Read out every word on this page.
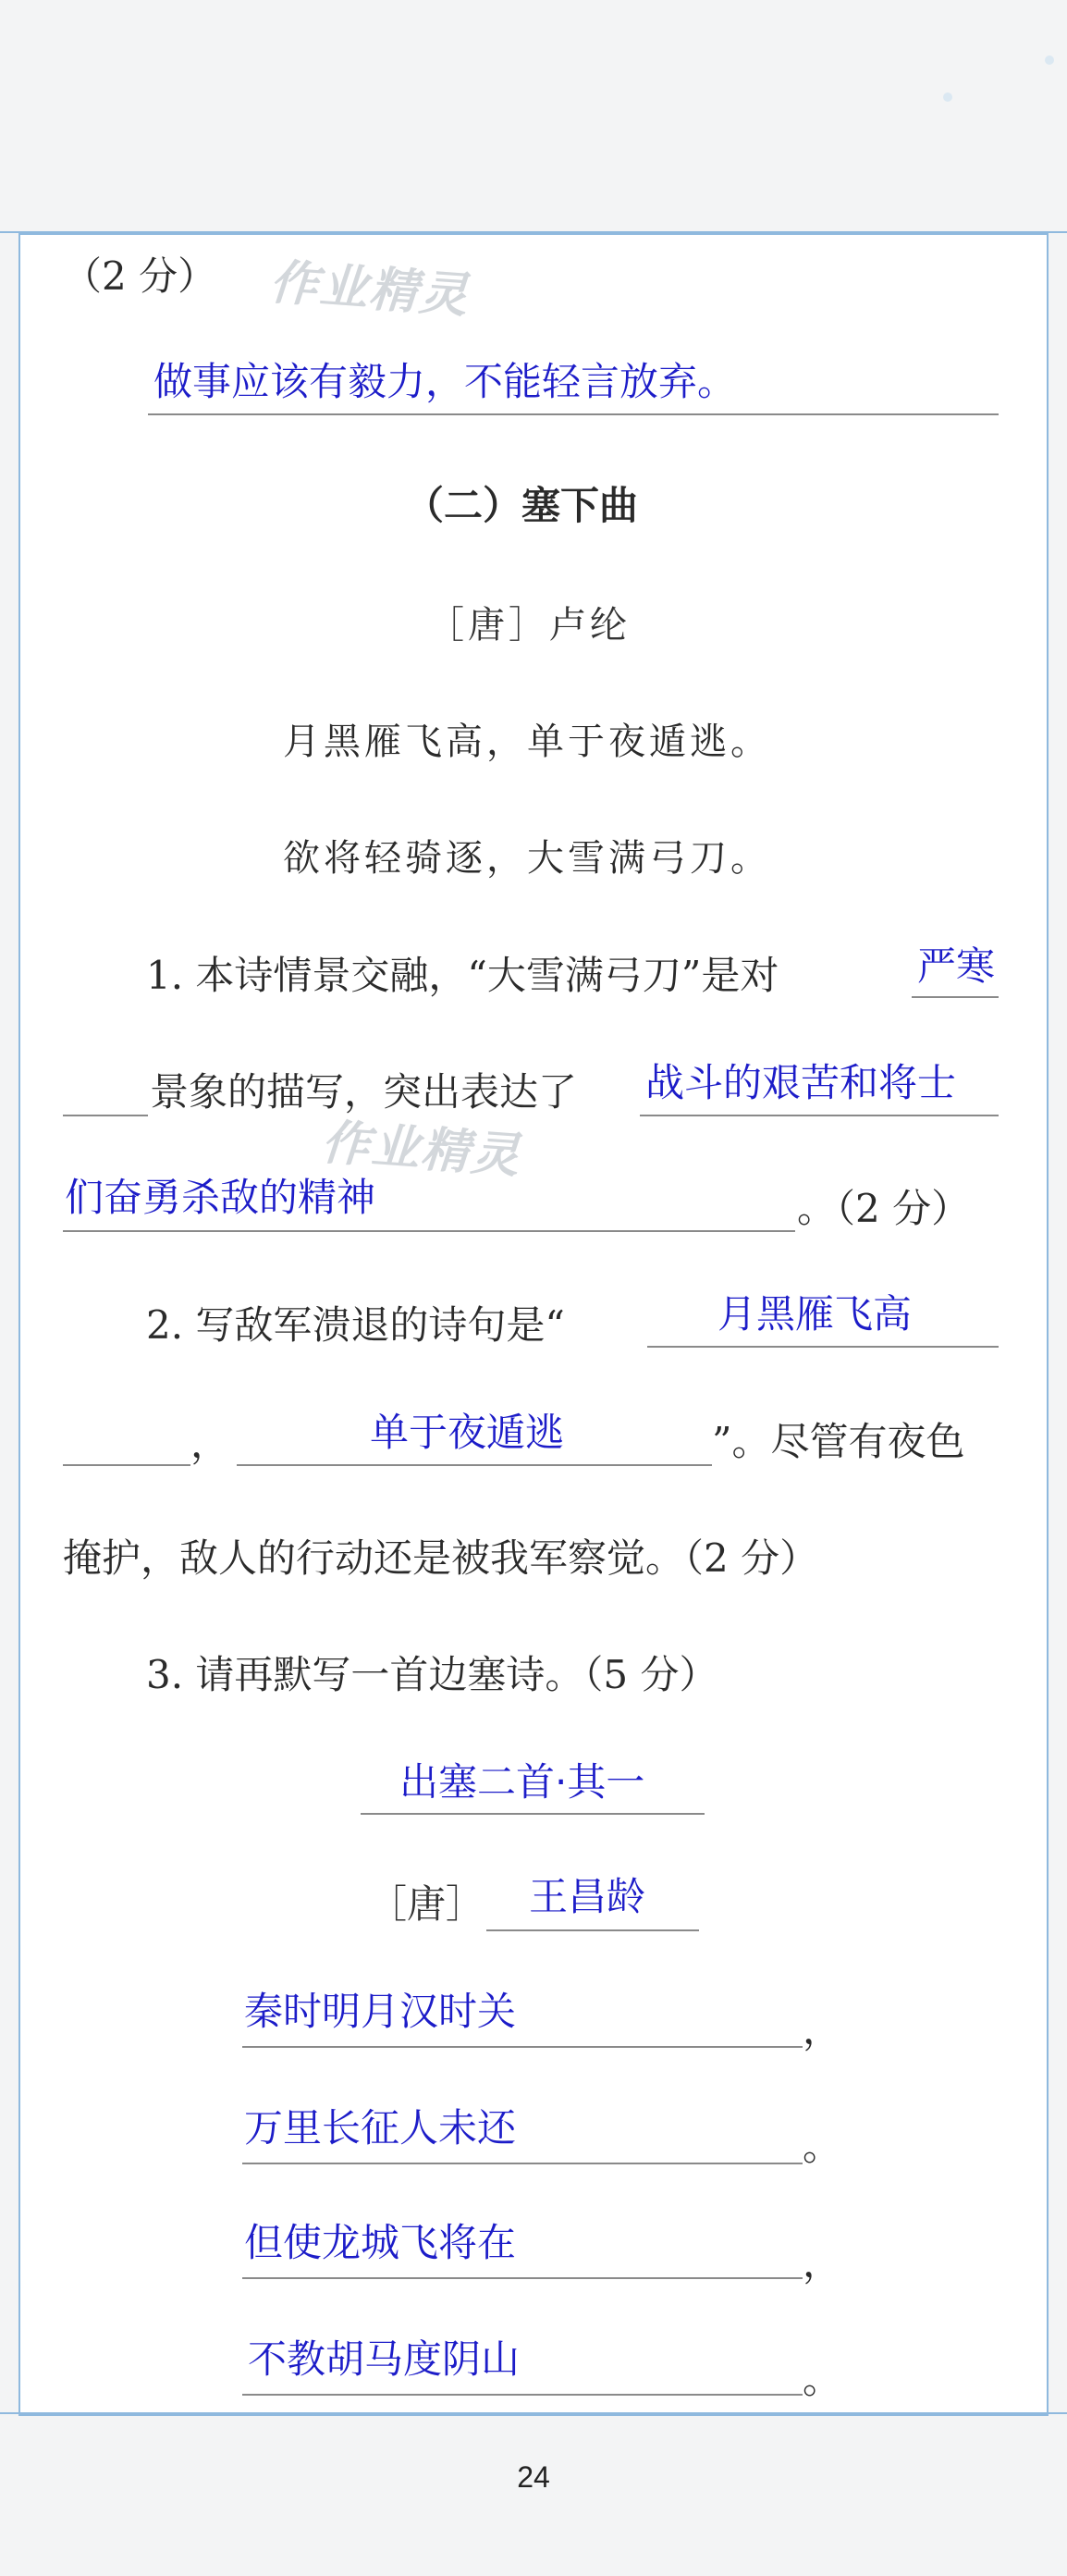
（2 分） 作业精灵
做事应该有毅力，不能轻言放弃。
（二）塞下曲
［唐］卢纶
月黑雁飞高，单于夜遁逃。
欲将轻骑逐，大雪满弓刀。
1. 本诗情景交融，“大雪满弓刀”是对	严寒
景象的描写，突出表达了 战斗的艰苦和将士
作业精灵
们奋勇杀敌的精神	。（2 分）
2. 写敌军溃退的诗句是“	月黑雁飞高
，	单于夜遁逃	”。尽管有夜色
掩护，敌人的行动还是被我军察觉。（2 分）
3. 请再默写一首边塞诗。（5 分）
出塞二首·其一
［唐］ 王昌龄
秦时明月汉时关	，
万里长征人未还	。
但使龙城飞将在	，
不教胡马度阴山	。
24
